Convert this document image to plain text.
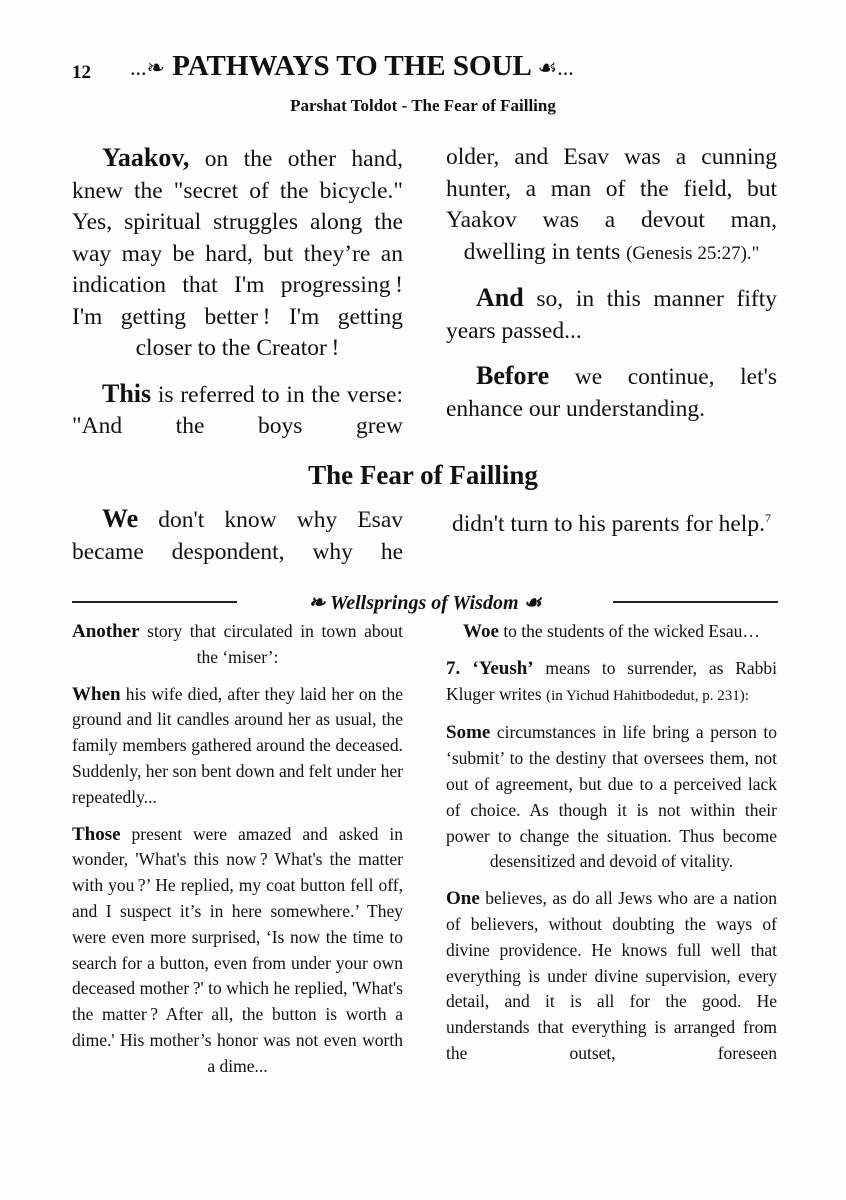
12 ...❧ PATHWAYS TO THE SOUL ☙...
Parshat Toldot - The Fear of Failling

Yaakov, on the other hand, knew the "secret of the bicycle." Yes, spiritual struggles along the way may be hard, but they’re an indication that I'm progressing ! I'm getting better ! I'm getting closer to the Creator !

This is referred to in the verse: "And the boys grew

older, and Esav was a cunning hunter, a man of the field, but Yaakov was a devout man, dwelling in tents (Genesis 25:27)."

And so, in this manner fifty years passed...

Before we continue, let's enhance our understanding.

The Fear of Failling

We don't know why Esav became despondent, why he

didn't turn to his parents for help.$^7$

❧ Wellsprings of Wisdom ☙

Another story that circulated in town about the ‘miser’:

When his wife died, after they laid her on the ground and lit candles around her as usual, the family members gathered around the deceased. Suddenly, her son bent down and felt under her repeatedly...

Those present were amazed and asked in wonder, 'What's this now ? What's the matter with you ?’ He replied, my coat button fell off, and I suspect it’s in here somewhere.’ They were even more surprised, ‘Is now the time to search for a button, even from under your own deceased mother ?' to which he replied, 'What's the matter ? After all, the button is worth a dime.' His mother’s honor was not even worth a dime...

Woe to the students of the wicked Esau…

7. ‘Yeush’ means to surrender, as Rabbi Kluger writes (in Yichud Hahitbodedut, p. 231):

Some circumstances in life bring a person to ‘submit’ to the destiny that oversees them, not out of agreement, but due to a perceived lack of choice. As though it is not within their power to change the situation. Thus become desensitized and devoid of vitality.

One believes, as do all Jews who are a nation of believers, without doubting the ways of divine providence. He knows full well that everything is under divine supervision, every detail, and it is all for the good. He understands that everything is arranged from the outset, foreseen
